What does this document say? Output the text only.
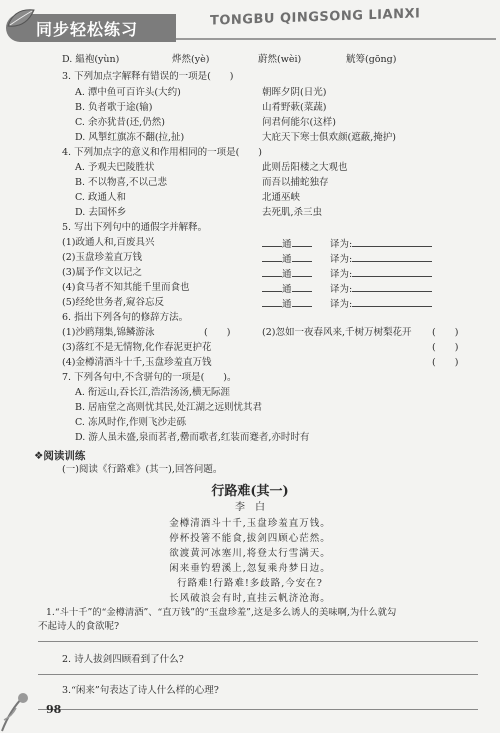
同步轻松练习
TONGBU QINGSONG LIANXI
D. 緼袍(yùn)	烨然(yè)	蔚然(wèi)	觥筹(gōng)
3. 下列加点字解释有错误的一项是(　　)
A. 潭中鱼可百许头(大约)	朝晖夕阴(日光)
B. 负者歌于途(输)	山肴野蔌(菜蔬)
C. 余亦犹昔(还,仍然)	问君何能尔(这样)
D. 风掣红旗冻不翻(拉,扯)	大庇天下寒士俱欢颜(遮蔽,掩护)
4. 下列加点字的意义和作用相同的一项是(　　)
A. 予观夫巴陵胜状	此则岳阳楼之大观也
B. 不以物喜,不以己悲	而吾以捕蛇独存
C. 政通人和	北通巫峡
D. 去国怀乡	去死肌,杀三虫
5. 写出下列句中的通假字并解释。
(1)政通人和,百废具兴	通	译为:
(2)玉盘珍羞直万钱	通	译为:
(3)属予作文以记之	通	译为:
(4)食马者不知其能千里而食也	通	译为:
(5)经纶世务者,窥谷忘反	通	译为:
6. 指出下列各句的修辞方法。
(1)沙鸥翔集,锦鳞游泳	(　　)	(2)忽如一夜春风来,千树万树梨花开 (　　)
(3)落红不是无情物,化作春泥更护花	(　　)
(4)金樽清酒斗十千,玉盘珍羞直万钱	(　　)
7. 下列各句中,不含骈句的一项是(　　)。
A. 衔远山,吞长江,浩浩汤汤,横无际涯
B. 居庙堂之高则忧其民,处江湖之远则忧其君
C. 冻风时作,作则飞沙走砾
D. 游人虽未盛,泉而茗者,罍而歌者,红装而蹇者,亦时时有
❖阅读训练
(一)阅读《行路难》(其一),回答问题。
行路难(其一)
李　白
金樽清酒斗十千,玉盘珍羞直万钱。
停杯投箸不能食,拔剑四顾心茫然。
欲渡黄河冰塞川,将登太行雪满天。
闲来垂钓碧溪上,忽复乘舟梦日边。
行路难!行路难!多歧路,今安在?
长风破浪会有时,直挂云帆济沧海。
1.“斗十千”的“金樽清酒”、“直万钱”的“玉盘珍羞”,这是多么诱人的美味啊,为什么就勾
不起诗人的食欲呢?
2. 诗人拔剑四顾看到了什么?
3.“闲来”句表达了诗人什么样的心理?
98
